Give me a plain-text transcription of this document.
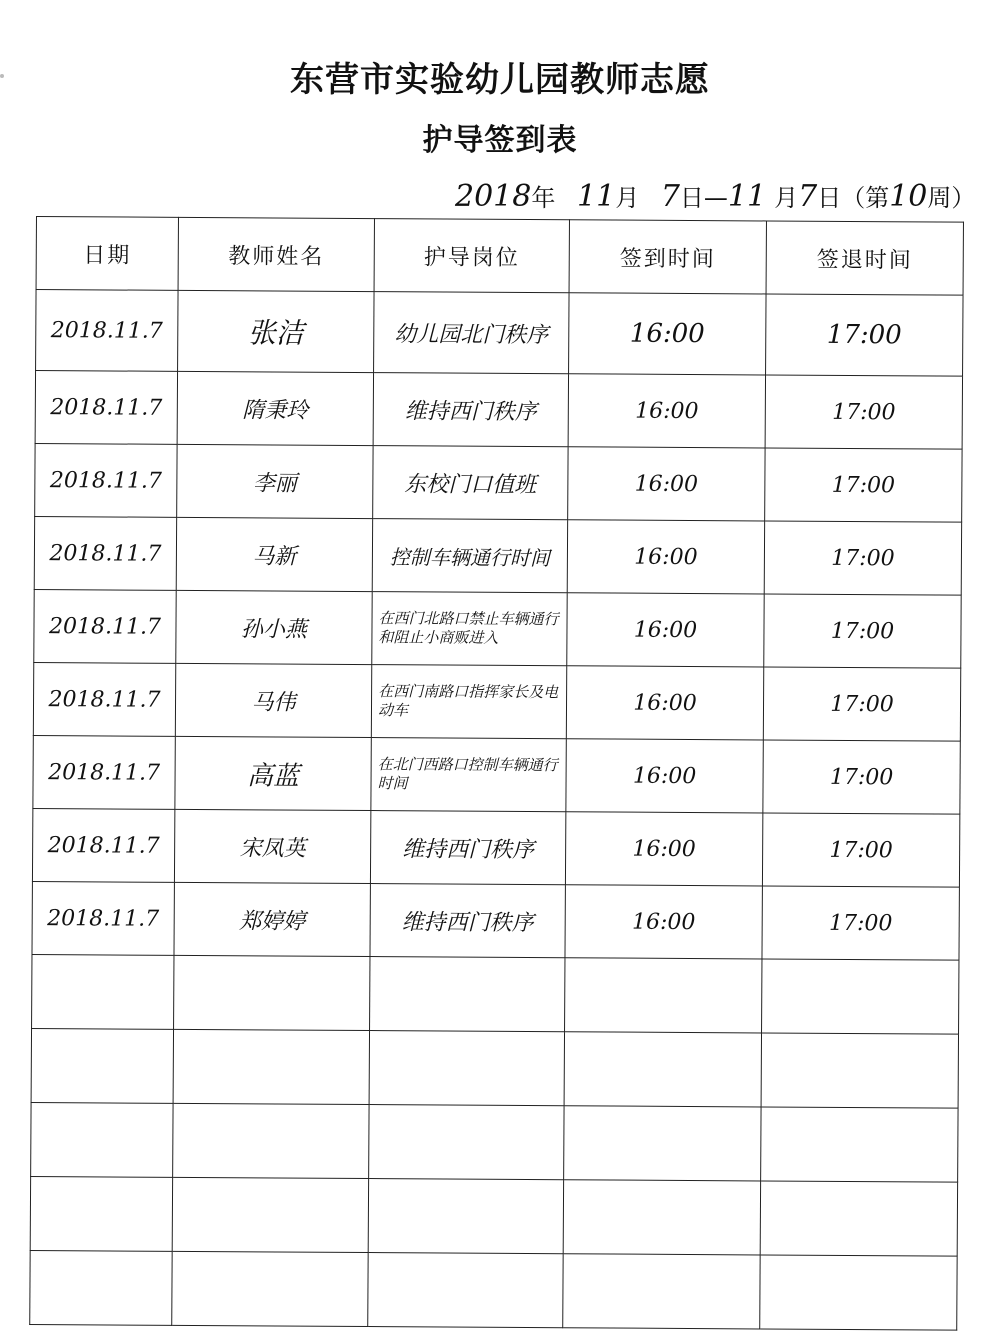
东营市实验幼儿园教师志愿
护导签到表
2018年 11月 7日—11 月7日（第10周）
日期	教师姓名	护导岗位	签到时间	签退时间
2018.11.7	张洁	幼儿园北门秩序	16:00	17:00
2018.11.7	隋秉玲	维持西门秩序	16:00	17:00
2018.11.7	李丽	东校门口值班	16:00	17:00
2018.11.7	马新	控制车辆通行时间	16:00	17:00
2018.11.7	孙小燕	在西门北路口禁止车辆通行和阻止小商贩进入	16:00	17:00
2018.11.7	马伟	在西门南路口指挥家长及电动车	16:00	17:00
2018.11.7	高蓝	在北门西路口控制车辆通行时间	16:00	17:00
2018.11.7	宋凤英	维持西门秩序	16:00	17:00
2018.11.7	郑婷婷	维持西门秩序	16:00	17:00
